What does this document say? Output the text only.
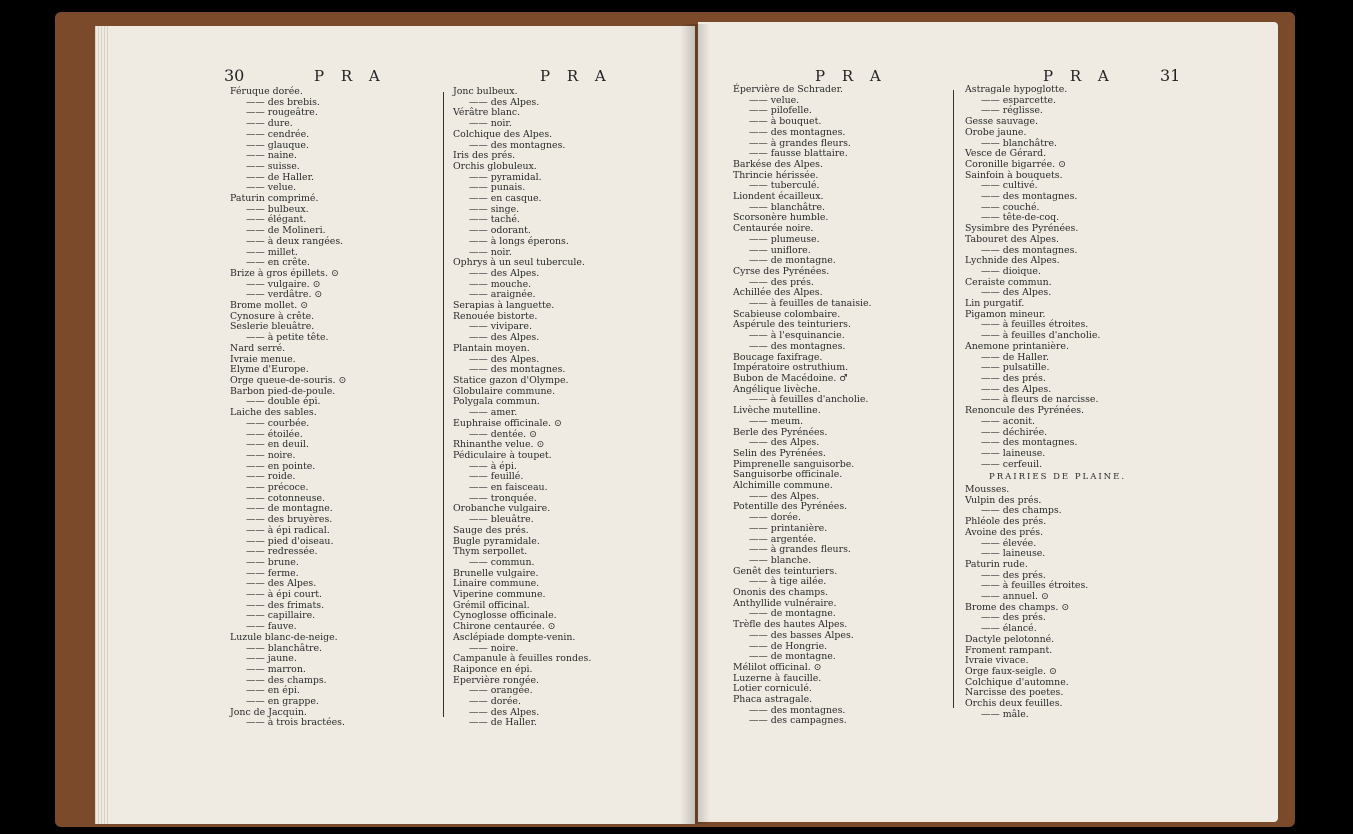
30	P R A	P R A	P R A	P R A	31
Féruque dorée.
—— des brebis.
—— rougeâtre.
—— dure.
—— cendrée.
—— glauque.
—— naine.
—— suisse.
—— de Haller.
—— velue.
Paturin comprimé.
—— bulbeux.
—— élégant.
—— de Molineri.
—— à deux rangées.
—— millet.
—— en crête.
Brize à gros épillets. ⊙
—— vulgaire. ⊙
—— verdâtre. ⊙
Brome mollet. ⊙
Cynosure à crête.
Seslerie bleuâtre.
—— à petite tête.
Nard serré.
Ivraie menue.
Elyme d'Europe.
Orge queue-de-souris. ⊙
Barbon pied-de-poule.
—— double épi.
Laiche des sables.
—— courbée.
—— étoilée.
—— en deuil.
—— noire.
—— en pointe.
—— roide.
—— précoce.
—— cotonneuse.
—— de montagne.
—— des bruyères.
—— à épi radical.
—— pied d'oiseau.
—— redressée.
—— brune.
—— ferme.
—— des Alpes.
—— à épi court.
—— des frimats.
—— capillaire.
—— fauve.
Luzule blanc-de-neige.
—— blanchâtre.
—— jaune.
—— marron.
—— des champs.
—— en épi.
—— en grappe.
Jonc de Jacquin.
—— à trois bractées.
Jonc bulbeux.
—— des Alpes.
Vérâtre blanc.
—— noir.
Colchique des Alpes.
—— des montagnes.
Iris des prés.
Orchis globuleux.
—— pyramidal.
—— punais.
—— en casque.
—— singe.
—— taché.
—— odorant.
—— à longs éperons.
—— noir.
Ophrys à un seul tubercule.
—— des Alpes.
—— mouche.
—— araignée.
Serapias à languette.
Renouée bistorte.
—— vivipare.
—— des Alpes.
Plantain moyen.
—— des Alpes.
—— des montagnes.
Statice gazon d'Olympe.
Globulaire commune.
Polygala commun.
—— amer.
Euphraise officinale. ⊙
—— dentée. ⊙
Rhinanthe velue. ⊙
Pédiculaire à toupet.
—— à épi.
—— feuillé.
—— en faisceau.
—— tronquée.
Orobanche vulgaire.
—— bleuâtre.
Sauge des prés.
Bugle pyramidale.
Thym serpollet.
—— commun.
Brunelle vulgaire.
Linaire commune.
Viperine commune.
Grémil officinal.
Cynoglosse officinale.
Chirone centaurée. ⊙
Asclépiade dompte-venin.
—— noire.
Campanule à feuilles rondes.
Raiponce en épi.
Epervière rongée.
—— orangée.
—— dorée.
—— des Alpes.
—— de Haller.
Épervière de Schrader.
—— velue.
—— pilofelle.
—— à bouquet.
—— des montagnes.
—— à grandes fleurs.
—— fausse blattaire.
Barkése des Alpes.
Thrincie hérissée.
—— tuberculé.
Liondent écailleux.
—— blanchâtre.
Scorsonère humble.
Centaurée noire.
—— plumeuse.
—— uniflore.
—— de montagne.
Cyrse des Pyrénées.
—— des prés.
Achillée des Alpes.
—— à feuilles de tanaisie.
Scabieuse colombaire.
Aspérule des teinturiers.
—— à l'esquinancie.
—— des montagnes.
Boucage faxifrage.
Impératoire ostruthium.
Bubon de Macédoine. ♂
Angélique livèche.
—— à feuilles d'ancholie.
Livèche mutelline.
—— meum.
Berle des Pyrénées.
—— des Alpes.
Selin des Pyrénées.
Pimprenelle sanguisorbe.
Sanguisorbe officinale.
Alchimille commune.
—— des Alpes.
Potentille des Pyrénées.
—— dorée.
—— printanière.
—— argentée.
—— à grandes fleurs.
—— blanche.
Genêt des teinturiers.
—— à tige ailée.
Ononis des champs.
Anthyllide vulnéraire.
—— de montagne.
Trèfle des hautes Alpes.
—— des basses Alpes.
—— de Hongrie.
—— de montagne.
Mélilot officinal. ⊙
Luzerne à faucille.
Lotier corniculé.
Phaca astragale.
—— des montagnes.
—— des campagnes.
Astragale hypoglotte.
—— esparcette.
—— réglisse.
Gesse sauvage.
Orobe jaune.
—— blanchâtre.
Vesce de Gérard.
Coronille bigarrée. ⊙
Sainfoin à bouquets.
—— cultivé.
—— des montagnes.
—— couché.
—— tête-de-coq.
Sysimbre des Pyrénées.
Tabouret des Alpes.
—— des montagnes.
Lychnide des Alpes.
—— dioique.
Ceraiste commun.
—— des Alpes.
Lin purgatif.
Pigamon mineur.
—— à feuilles étroites.
—— à feuilles d'ancholie.
Anemone printanière.
—— de Haller.
—— pulsatille.
—— des prés.
—— des Alpes.
—— à fleurs de narcisse.
Renoncule des Pyrénées.
—— aconit.
—— déchirée.
—— des montagnes.
—— laineuse.
—— cerfeuil.
PRAIRIES DE PLAINE.
Mousses.
Vulpin des prés.
—— des champs.
Phléole des prés.
Avoine des prés.
—— élevée.
—— laineuse.
Paturin rude.
—— des prés.
—— à feuilles étroites.
—— annuel. ⊙
Brome des champs. ⊙
—— des prés.
—— élancé.
Dactyle pelotonné.
Froment rampant.
Ivraie vivace.
Orge faux-seigle. ⊙
Colchique d'automne.
Narcisse des poetes.
Orchis deux feuilles.
—— mâle.
